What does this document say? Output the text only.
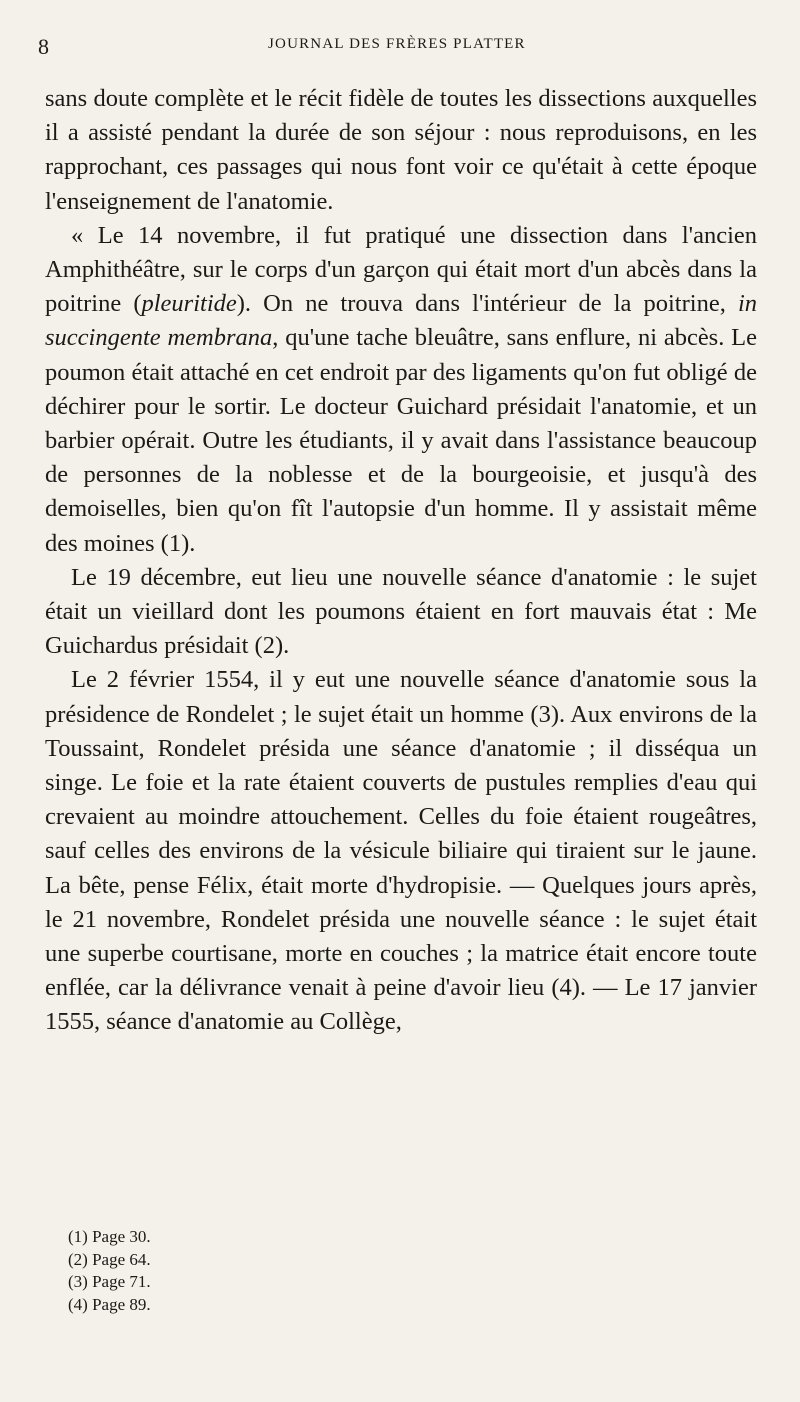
8	JOURNAL DES FRÈRES PLATTER

sans doute complète et le récit fidèle de toutes les dissections auxquelles il a assisté pendant la durée de son séjour : nous reproduisons, en les rapprochant, ces passages qui nous font voir ce qu'était à cette époque l'enseignement de l'anatomie.

« Le 14 novembre, il fut pratiqué une dissection dans l'ancien Amphithéâtre, sur le corps d'un garçon qui était mort d'un abcès dans la poitrine (pleuritide). On ne trouva dans l'intérieur de la poitrine, in succingente membrana, qu'une tache bleuâtre, sans enflure, ni abcès. Le poumon était attaché en cet endroit par des ligaments qu'on fut obligé de déchirer pour le sortir. Le docteur Guichard présidait l'anatomie, et un barbier opérait. Outre les étudiants, il y avait dans l'assistance beaucoup de personnes de la noblesse et de la bourgeoisie, et jusqu'à des demoiselles, bien qu'on fît l'autopsie d'un homme. Il y assistait même des moines (1).

Le 19 décembre, eut lieu une nouvelle séance d'anatomie : le sujet était un vieillard dont les poumons étaient en fort mauvais état : Me Guichardus présidait (2).

Le 2 février 1554, il y eut une nouvelle séance d'anatomie sous la présidence de Rondelet ; le sujet était un homme (3). Aux environs de la Toussaint, Rondelet présida une séance d'anatomie ; il disséqua un singe. Le foie et la rate étaient couverts de pustules remplies d'eau qui crevaient au moindre attouchement. Celles du foie étaient rougeâtres, sauf celles des environs de la vésicule biliaire qui tiraient sur le jaune. La bête, pense Félix, était morte d'hydropisie. — Quelques jours après, le 21 novembre, Rondelet présida une nouvelle séance : le sujet était une superbe courtisane, morte en couches ; la matrice était encore toute enflée, car la délivrance venait à peine d'avoir lieu (4). — Le 17 janvier 1555, séance d'anatomie au Collège,

(1) Page 30.
(2) Page 64.
(3) Page 71.
(4) Page 89.
